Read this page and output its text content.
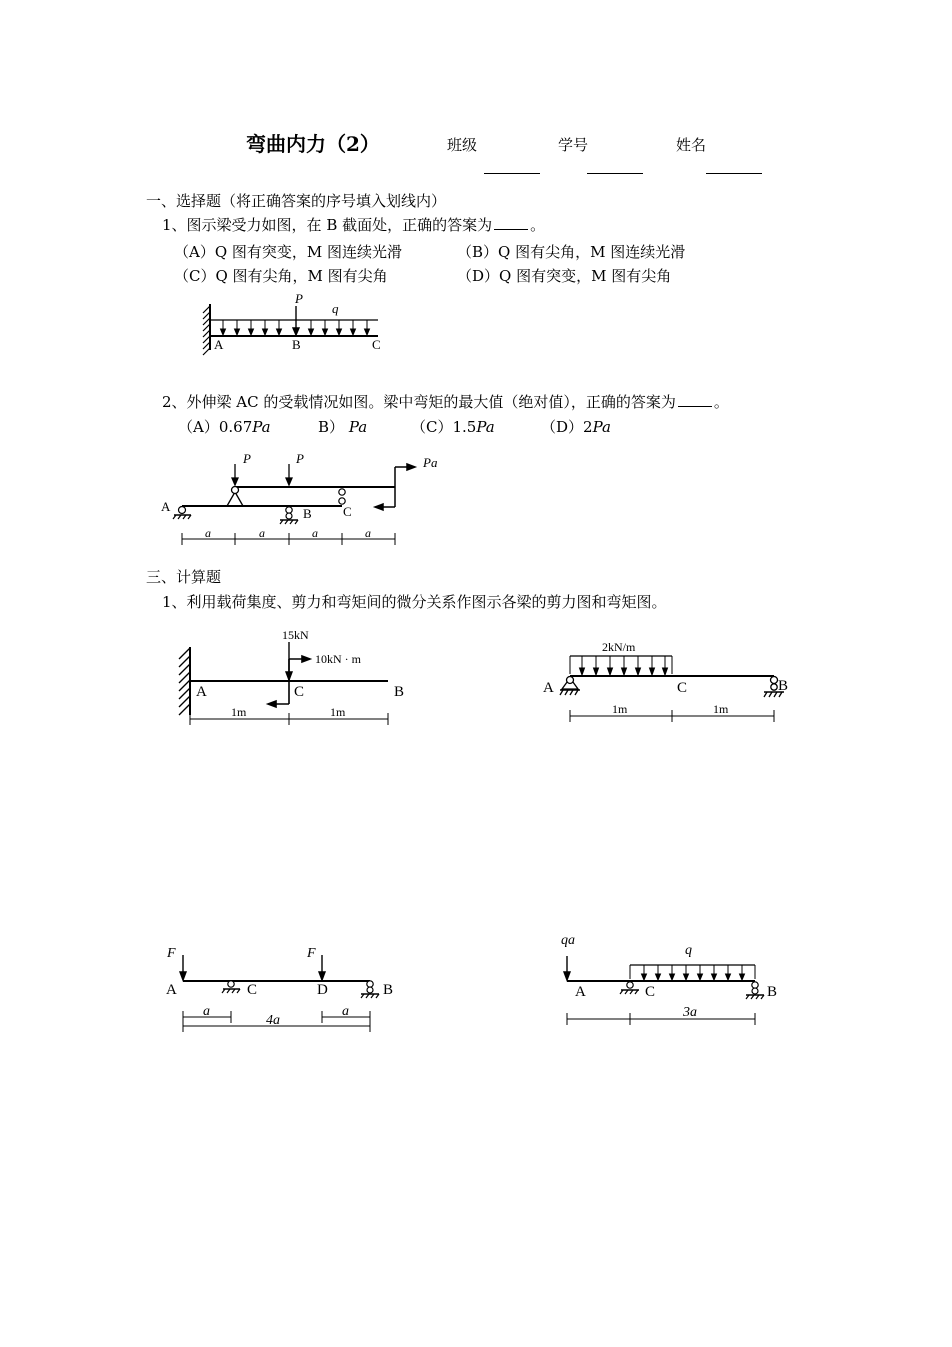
弯曲内力（2）	班级	学号	姓名
一、选择题（将正确答案的序号填入划线内）
1、图示梁受力如图，在 B 截面处，正确的答案为	。
（A）Q 图有突变，M 图连续光滑	（B）Q 图有尖角，M 图连续光滑
（C）Q 图有尖角，M 图有尖角	（D）Q 图有突变，M 图有尖角
P
q
A	B	C
2、外伸梁 AC 的受载情况如图。梁中弯矩的最大值（绝对值），正确的答案为	。
（A）0.67Pa	B） Pa	（C）1.5Pa	（D）2Pa
P	P	Pa
A	B C
a	a	a	a
三、计算题
1、利用载荷集度、剪力和弯矩间的微分关系作图示各梁的剪力图和弯矩图。
15kN
10kN · m
A	C	B
1m	1m
2kN/m
A	C	B
1m	1m
F	F
A	C	D	B
a	a
4a
qa
q
A	C	B
3a
